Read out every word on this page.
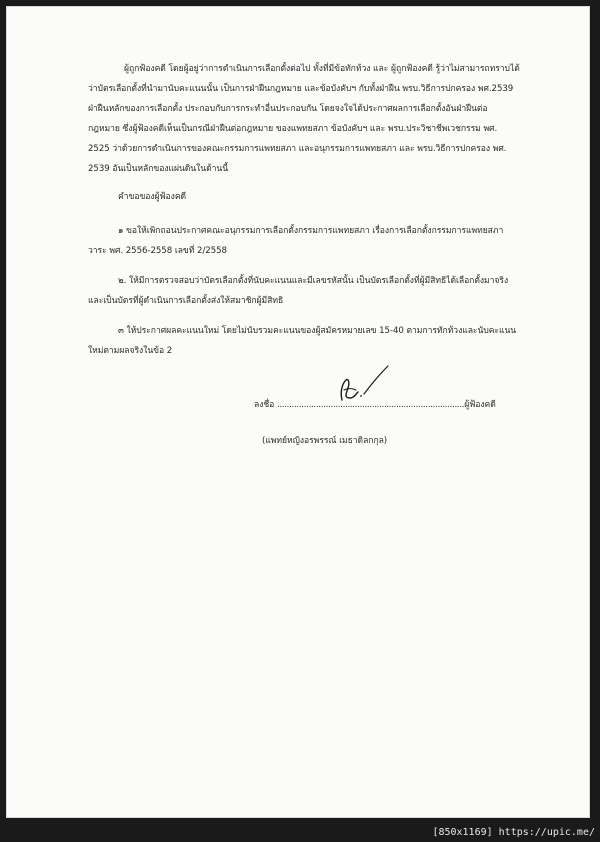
ผู้ถูกฟ้องคดี โดยผู้อยู่ว่าการดำเนินการเลือกตั้งต่อไป ทั้งที่มีข้อทักท้วง และ ผู้ถูกฟ้องคดี รู้ว่าไม่สามารถทราบได้
ว่าบัตรเลือกตั้งที่นำมานับคะแนนนั้น เป็นการฝ่าฝืนกฎหมาย และข้อบังคับฯ กับทั้งฝ่าฝืน พรบ.วิธีการปกครอง พศ.2539
ฝ่าฝืนหลักของการเลือกตั้ง ประกอบกับการกระทำอื่นประกอบกัน โดยจงใจได้ประกาศผลการเลือกตั้งอันฝ่าฝืนต่อ
กฎหมาย ซึ่งผู้ฟ้องคดีเห็นเป็นกรณีฝ่าฝืนต่อกฎหมาย ของแพทยสภา ข้อบังคับฯ และ พรบ.ประวิชาชีพเวชกรรม พศ.
2525 ว่าด้วยการดำเนินการของคณะกรรมการแพทยสภา และอนุกรรมการแพทยสภา และ พรบ.วิธีการปกครอง พศ.
2539 อันเป็นหลักของแผ่นดินในด้านนี้
คำขอของผู้ฟ้องคดี
๑ ขอให้เพิกถอนประกาศคณะอนุกรรมการเลือกตั้งกรรมการแพทยสภา เรื่องการเลือกตั้งกรรมการแพทยสภา
วาระ พศ. 2556-2558 เลขที่ 2/2558
๒. ให้มีการตรวจสอบว่าบัตรเลือกตั้งที่นับคะแนนและมีเลขรหัสนั้น เป็นบัตรเลือกตั้งที่ผู้มีสิทธิได้เลือกตั้งมาจริง
และเป็นบัตรที่ผู้ดำเนินการเลือกตั้งส่งให้สมาชิกผู้มีสิทธิ
๓ ให้ประกาศผลคะแนนใหม่ โดยไม่นับรวมคะแนนของผู้สมัครหมายเลข 15-40 ตามการทักท้วงและนับคะแนน
ใหม่ตามผลจริงในข้อ 2
ลงชื่อ .............................................................................ผู้ฟ้องคดี
(แพทย์หญิงอรพรรณ์ เมธาดิลกกุล)
[850x1169] https://upic.me/
